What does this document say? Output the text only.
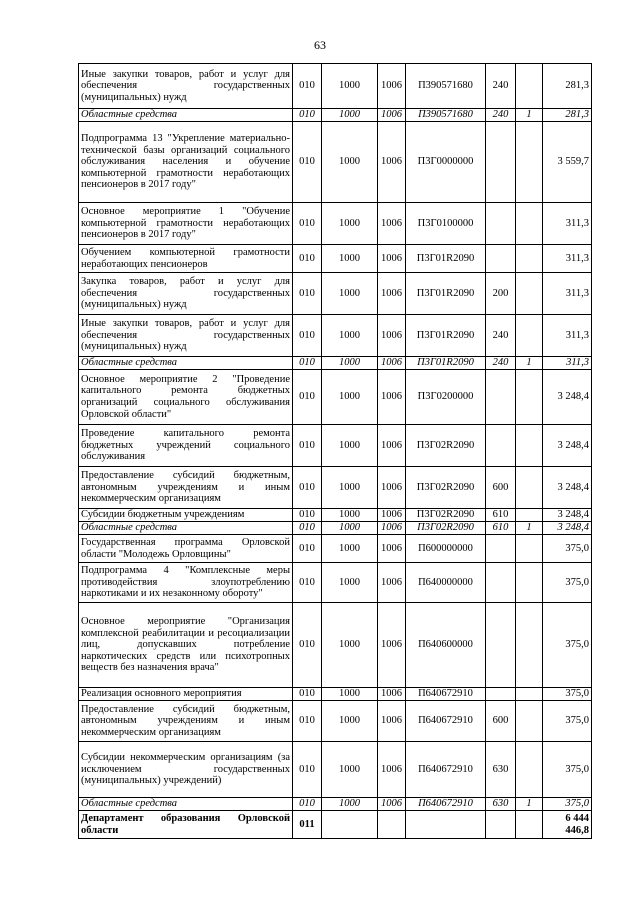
63
Иные закупки товаров, работ и услуг для обеспечения государственных (муниципальных) нужд	010	1000	1006	П390571680	240		281,3
Областные средства	010	1000	1006	П390571680	240	1	281,3
Подпрограмма 13 "Укрепление материально-технической базы организаций социального обслуживания населения и обучение компьютерной грамотности неработающих пенсионеров в 2017 году"	010	1000	1006	П3Г0000000			3 559,7
Основное мероприятие 1 "Обучение компьютерной грамотности неработающих пенсионеров в 2017 году"	010	1000	1006	П3Г0100000			311,3
Обучением компьютерной грамотности неработающих пенсионеров	010	1000	1006	П3Г01R2090			311,3
Закупка товаров, работ и услуг для обеспечения государственных (муниципальных) нужд	010	1000	1006	П3Г01R2090	200		311,3
Иные закупки товаров, работ и услуг для обеспечения государственных (муниципальных) нужд	010	1000	1006	П3Г01R2090	240		311,3
Областные средства	010	1000	1006	П3Г01R2090	240	1	311,3
Основное мероприятие 2 "Проведение капитального ремонта бюджетных организаций социального обслуживания Орловской области"	010	1000	1006	П3Г0200000			3 248,4
Проведение капитального ремонта бюджетных учреждений социального обслуживания	010	1000	1006	П3Г02R2090			3 248,4
Предоставление субсидий бюджетным, автономным учреждениям и иным некоммерческим организациям	010	1000	1006	П3Г02R2090	600		3 248,4
Субсидии бюджетным учреждениям	010	1000	1006	П3Г02R2090	610		3 248,4
Областные средства	010	1000	1006	П3Г02R2090	610	1	3 248,4
Государственная программа Орловской области "Молодежь Орловщины"	010	1000	1006	П600000000			375,0
Подпрограмма 4 "Комплексные меры противодействия злоупотреблению наркотиками и их незаконному обороту"	010	1000	1006	П640000000			375,0
Основное мероприятие "Организация комплексной реабилитации и ресоциализации лиц, допускавших потребление наркотических средств или психотропных веществ без назначения врача"	010	1000	1006	П640600000			375,0
Реализация основного мероприятия	010	1000	1006	П640672910			375,0
Предоставление субсидий бюджетным, автономным учреждениям и иным некоммерческим организациям	010	1000	1006	П640672910	600		375,0
Субсидии некоммерческим организациям (за исключением государственных (муниципальных) учреждений)	010	1000	1006	П640672910	630		375,0
Областные средства	010	1000	1006	П640672910	630	1	375,0
Департамент образования Орловской области	011						6 444 446,8
